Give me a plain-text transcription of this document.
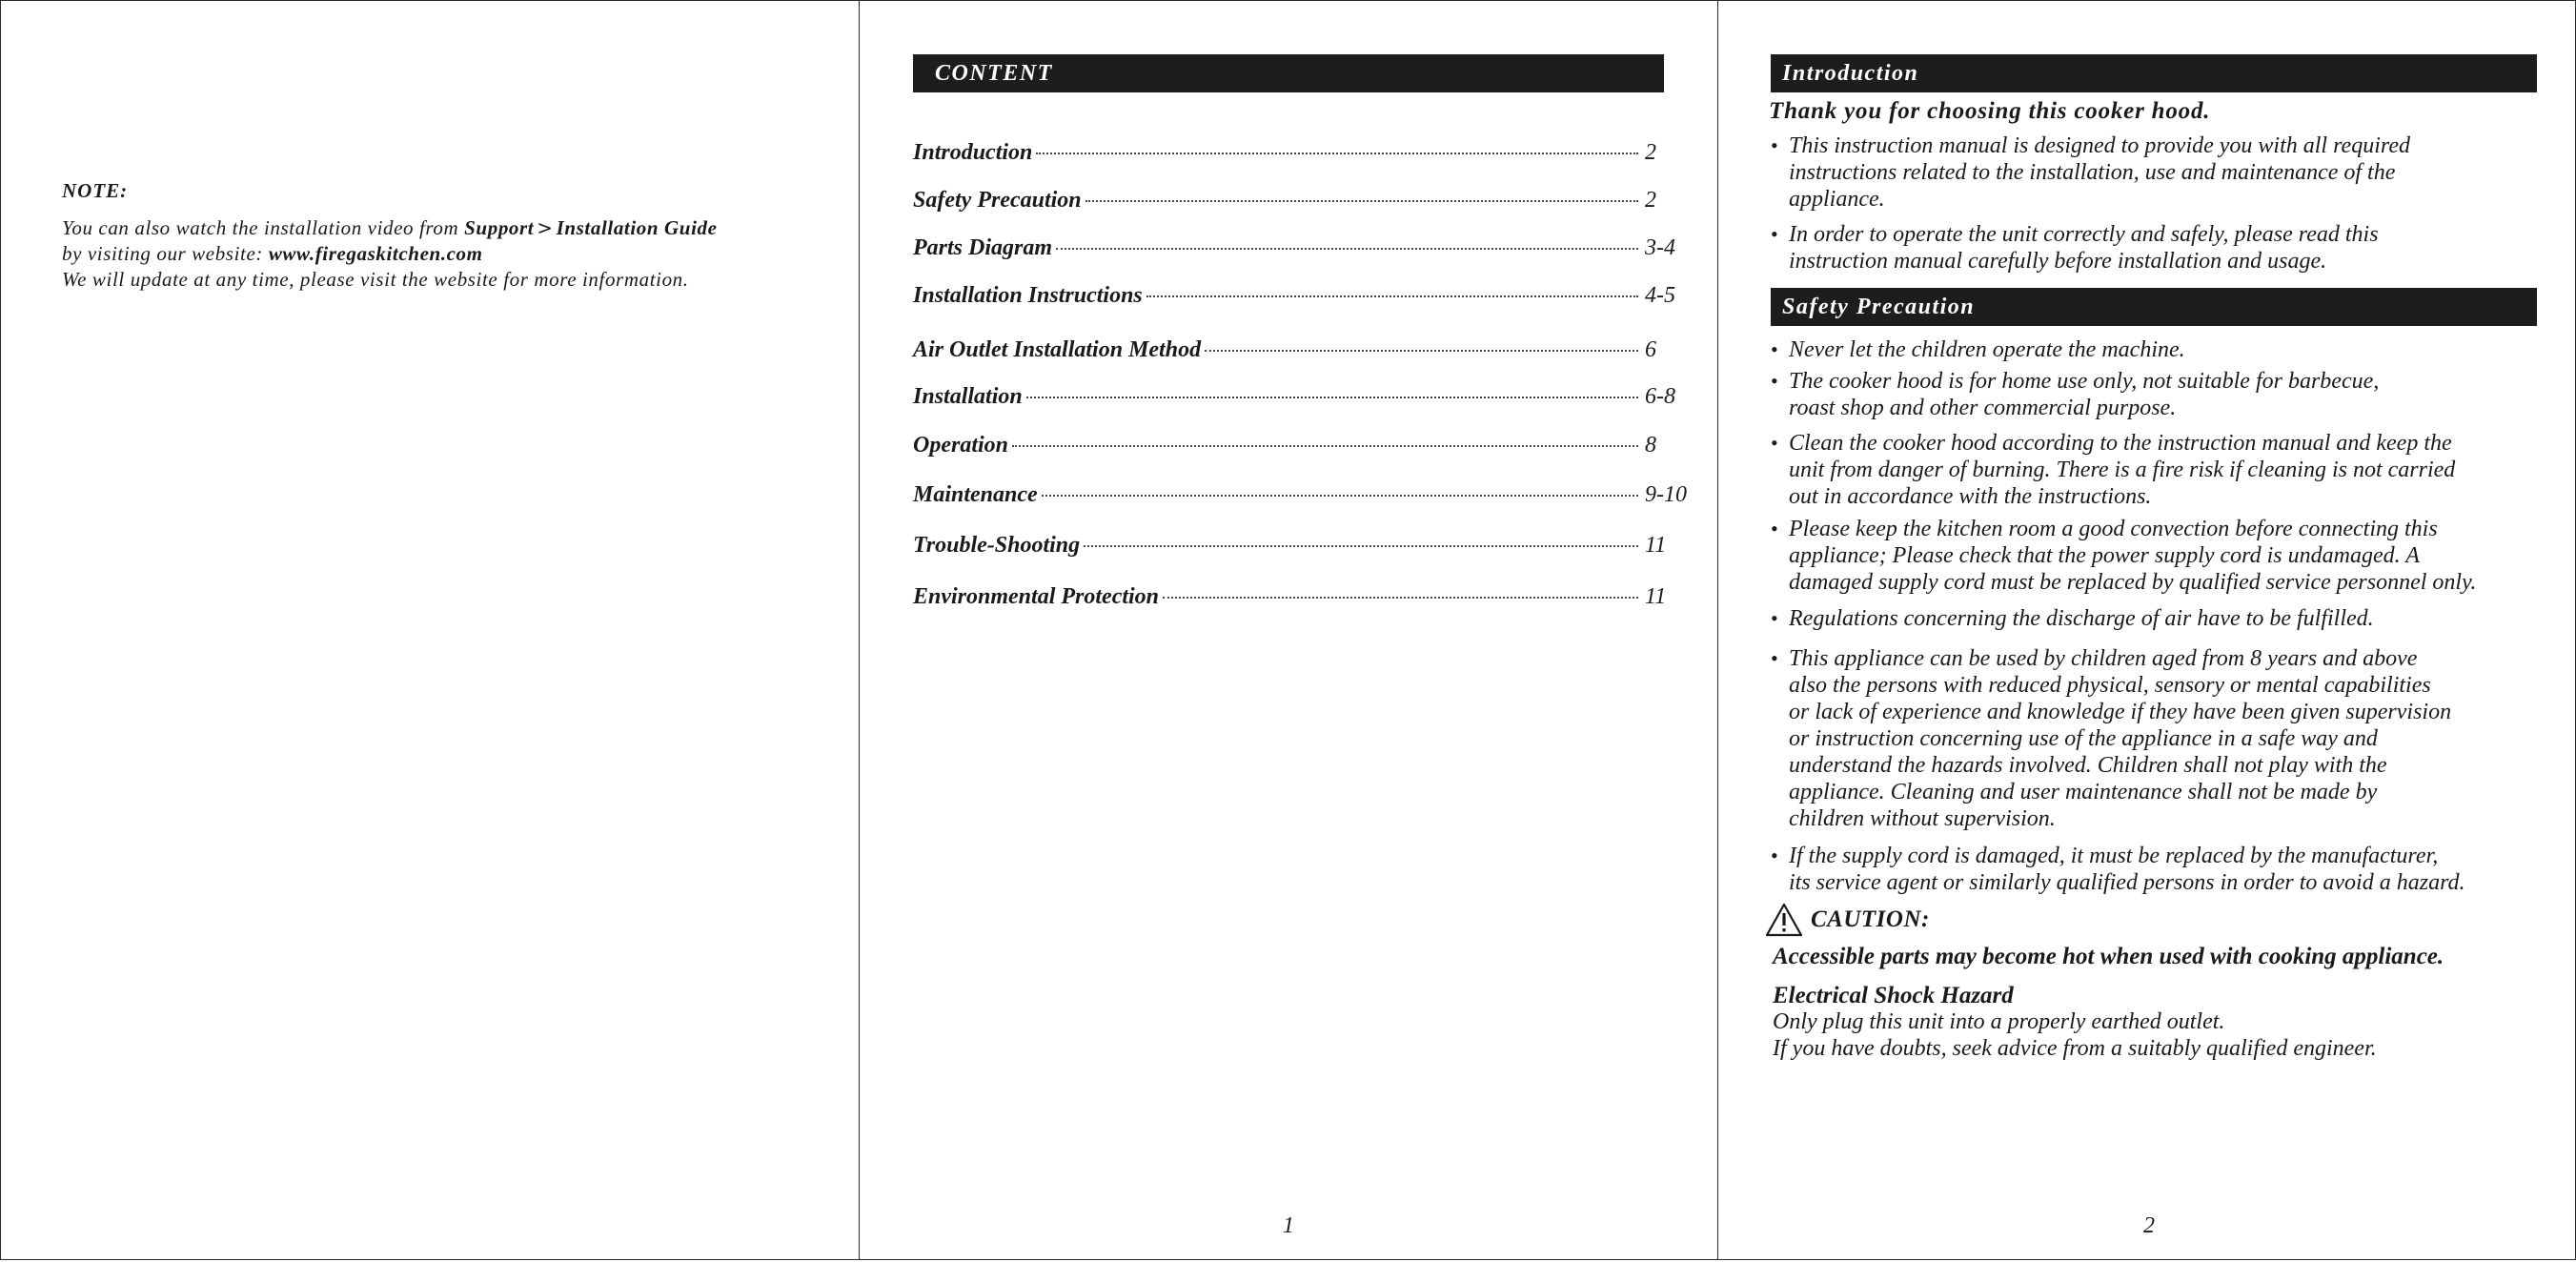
NOTE:
You can also watch the installation video from Support > Installation Guide
by visiting our website: www.firegaskitchen.com
We will update at any time, please visit the website for more information.
CONTENT
Introduction	2
Safety Precaution	2
Parts Diagram	3-4
Installation Instructions	4-5
Air Outlet Installation Method	6
Installation	6-8
Operation	8
Maintenance	9-10
Trouble-Shooting	11
Environmental Protection	11
1
Introduction
Thank you for choosing this cooker hood.
• This instruction manual is designed to provide you with all required
instructions related to the installation, use and maintenance of the
appliance.
• In order to operate the unit correctly and safely, please read this
instruction manual carefully before installation and usage.
Safety Precaution
• Never let the children operate the machine.
• The cooker hood is for home use only, not suitable for barbecue,
roast shop and other commercial purpose.
• Clean the cooker hood according to the instruction manual and keep the
unit from danger of burning. There is a fire risk if cleaning is not carried
out in accordance with the instructions.
• Please keep the kitchen room a good convection before connecting this
appliance; Please check that the power supply cord is undamaged. A
damaged supply cord must be replaced by qualified service personnel only.
• Regulations concerning the discharge of air have to be fulfilled.
• This appliance can be used by children aged from 8 years and above
also the persons with reduced physical, sensory or mental capabilities
or lack of experience and knowledge if they have been given supervision
or instruction concerning use of the appliance in a safe way and
understand the hazards involved. Children shall not play with the
appliance. Cleaning and user maintenance shall not be made by
children without supervision.
• If the supply cord is damaged, it must be replaced by the manufacturer,
its service agent or similarly qualified persons in order to avoid a hazard.
CAUTION:
Accessible parts may become hot when used with cooking appliance.
Electrical Shock Hazard
Only plug this unit into a properly earthed outlet.
If you have doubts, seek advice from a suitably qualified engineer.
2
